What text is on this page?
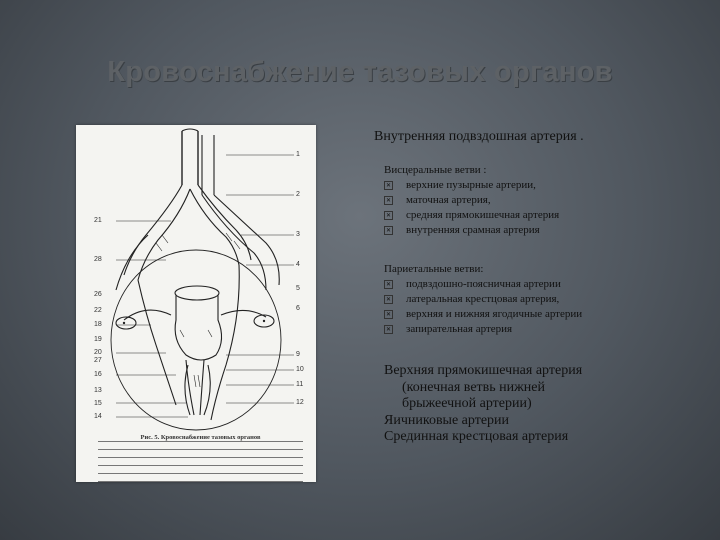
Кровоснабжение тазовых органов
1
2
3
4
5
6
9
10
11
12
13
14
15
16
18
19
20
21
22
26
27
28
Рис. 5. Кровоснабжение тазовых органов
Внутренняя подвздошная артерия .
Висцеральные ветви :
✕ верхние пузырные артерии,
✕ маточная артерия,
✕ средняя прямокишечная артерия
✕ внутренняя срамная артерия
Париетальные ветви:
✕ подвздошно-поясничная артерии
✕ латеральная крестцовая артерия,
✕ верхняя и нижняя ягодичные артерии
✕ запирательная артерия
Верхняя прямокишечная артерия
(конечная ветвь нижней
брыжеечной артерии)
Яичниковые артерии
Срединная крестцовая артерия
